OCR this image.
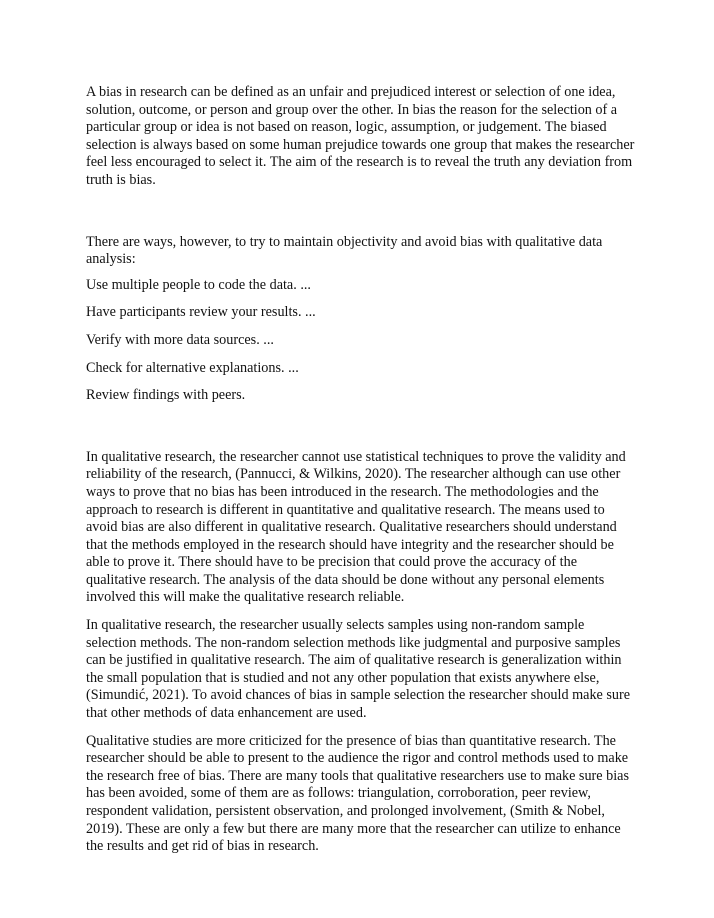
A bias in research can be defined as an unfair and prejudiced interest or selection of one idea, solution, outcome, or person and group over the other. In bias the reason for the selection of a particular group or idea is not based on reason, logic, assumption, or judgement. The biased selection is always based on some human prejudice towards one group that makes the researcher feel less encouraged to select it. The aim of the research is to reveal the truth any deviation from truth is bias.

There are ways, however, to try to maintain objectivity and avoid bias with qualitative data analysis:

Use multiple people to code the data. ...

Have participants review your results. ...

Verify with more data sources. ...

Check for alternative explanations. ...

Review findings with peers.

In qualitative research, the researcher cannot use statistical techniques to prove the validity and reliability of the research, (Pannucci, & Wilkins, 2020). The researcher although can use other ways to prove that no bias has been introduced in the research. The methodologies and the approach to research is different in quantitative and qualitative research. The means used to avoid bias are also different in qualitative research. Qualitative researchers should understand that the methods employed in the research should have integrity and the researcher should be able to prove it. There should have to be precision that could prove the accuracy of the qualitative research. The analysis of the data should be done without any personal elements involved this will make the qualitative research reliable.

In qualitative research, the researcher usually selects samples using non-random sample selection methods. The non-random selection methods like judgmental and purposive samples can be justified in qualitative research. The aim of qualitative research is generalization within the small population that is studied and not any other population that exists anywhere else, (Simundić, 2021). To avoid chances of bias in sample selection the researcher should make sure that other methods of data enhancement are used.

Qualitative studies are more criticized for the presence of bias than quantitative research. The researcher should be able to present to the audience the rigor and control methods used to make the research free of bias. There are many tools that qualitative researchers use to make sure bias has been avoided, some of them are as follows: triangulation, corroboration, peer review, respondent validation, persistent observation, and prolonged involvement, (Smith & Nobel, 2019). These are only a few but there are many more that the researcher can utilize to enhance the results and get rid of bias in research.
